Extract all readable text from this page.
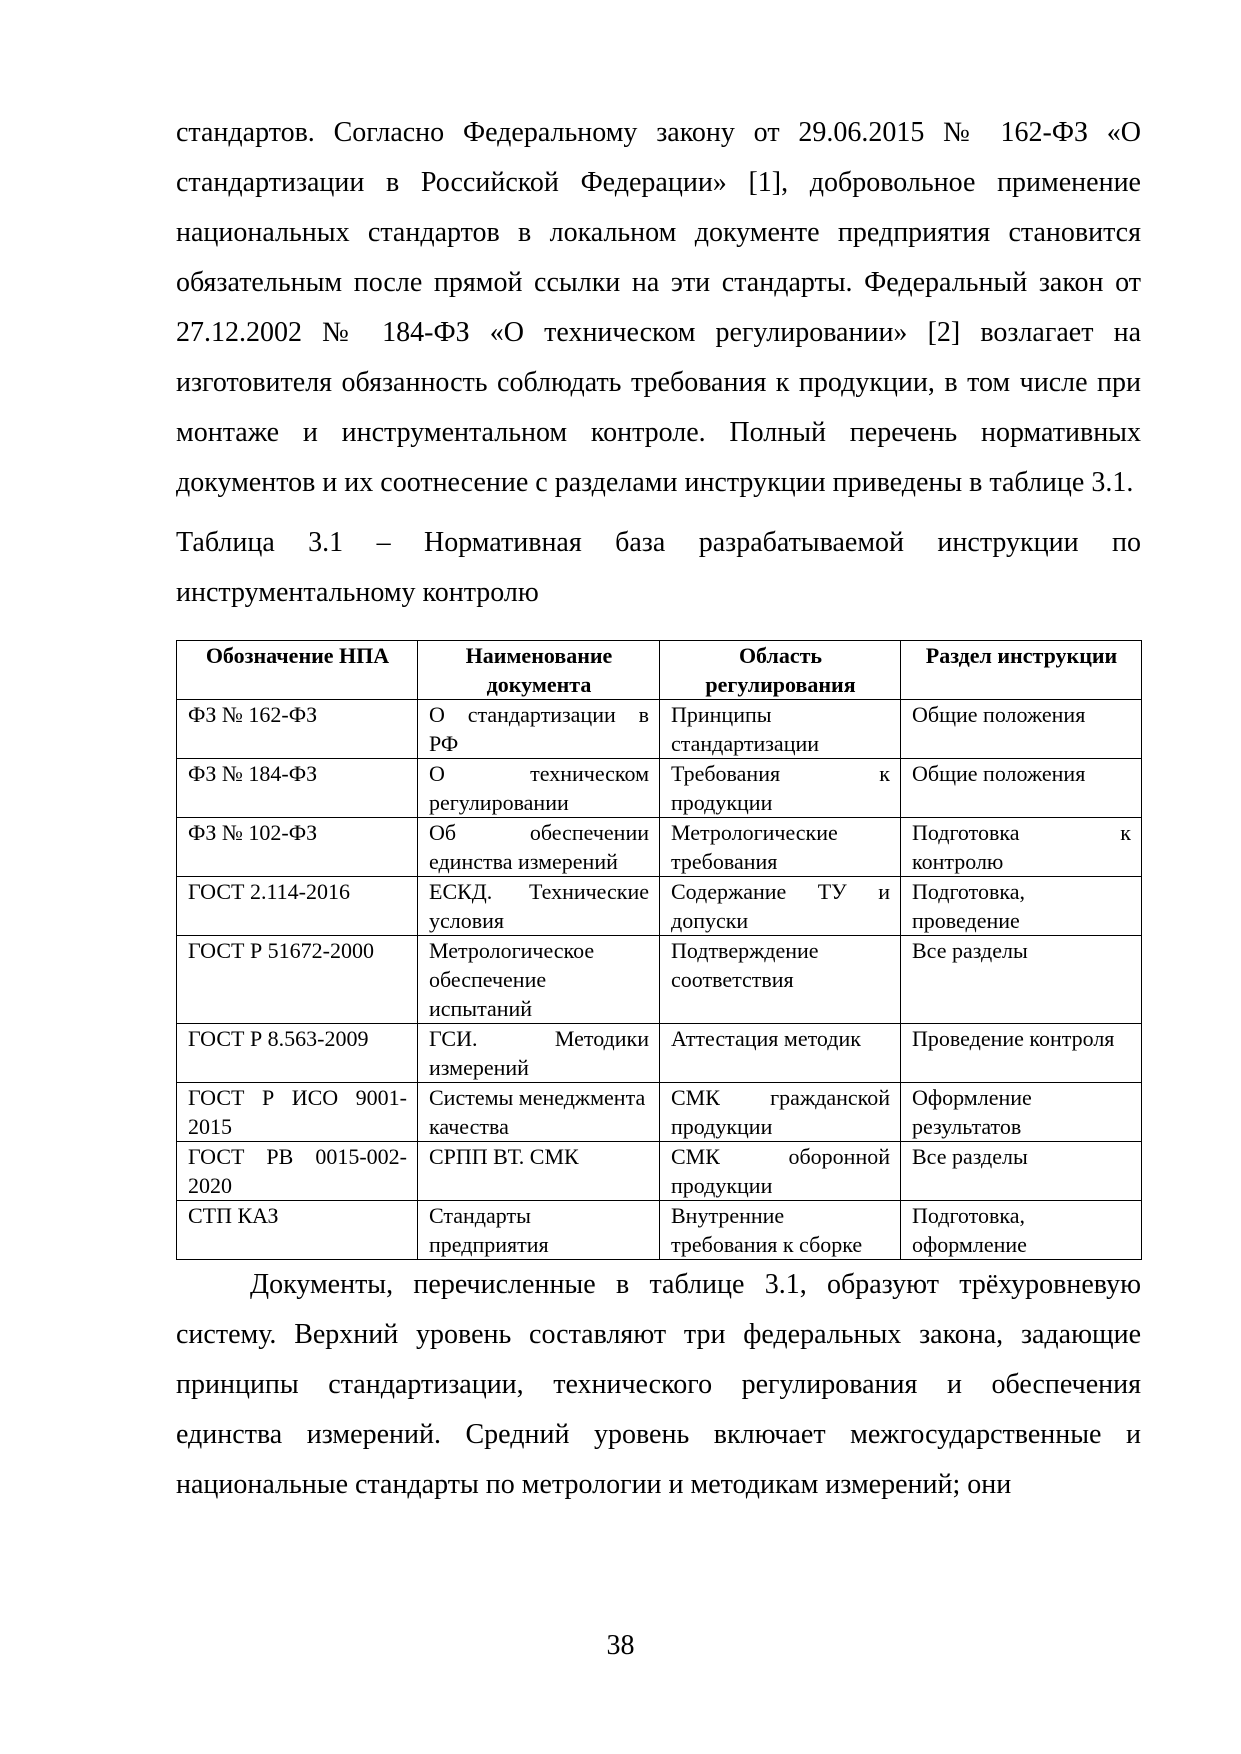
стандартов. Согласно Федеральному закону от 29.06.2015 № 162-ФЗ «О стандартизации в Российской Федерации» [1], добровольное применение национальных стандартов в локальном документе предприятия становится обязательным после прямой ссылки на эти стандарты. Федеральный закон от 27.12.2002 № 184-ФЗ «О техническом регулировании» [2] возлагает на изготовителя обязанность соблюдать требования к продукции, в том числе при монтаже и инструментальном контроле. Полный перечень нормативных документов и их соотнесение с разделами инструкции приведены в таблице 3.1.

Таблица 3.1 – Нормативная база разрабатываемой инструкции по инструментальному контролю

Обозначение НПА	Наименование документа	Область регулирования	Раздел инструкции
ФЗ № 162-ФЗ	О стандартизации в РФ	Принципы стандартизации	Общие положения
ФЗ № 184-ФЗ	О техническом регулировании	Требования к продукции	Общие положения
ФЗ № 102-ФЗ	Об обеспечении единства измерений	Метрологические требования	Подготовка к контролю
ГОСТ 2.114-2016	ЕСКД. Технические условия	Содержание ТУ и допуски	Подготовка, проведение
ГОСТ Р 51672-2000	Метрологическое обеспечение испытаний	Подтверждение соответствия	Все разделы
ГОСТ Р 8.563-2009	ГСИ. Методики измерений	Аттестация методик	Проведение контроля
ГОСТ Р ИСО 9001-2015	Системы менеджмента качества	СМК гражданской продукции	Оформление результатов
ГОСТ РВ 0015-002-2020	СРПП ВТ. СМК	СМК оборонной продукции	Все разделы
СТП КАЗ	Стандарты предприятия	Внутренние требования к сборке	Подготовка, оформление

Документы, перечисленные в таблице 3.1, образуют трёхуровневую систему. Верхний уровень составляют три федеральных закона, задающие принципы стандартизации, технического регулирования и обеспечения единства измерений. Средний уровень включает межгосударственные и национальные стандарты по метрологии и методикам измерений; они

38
